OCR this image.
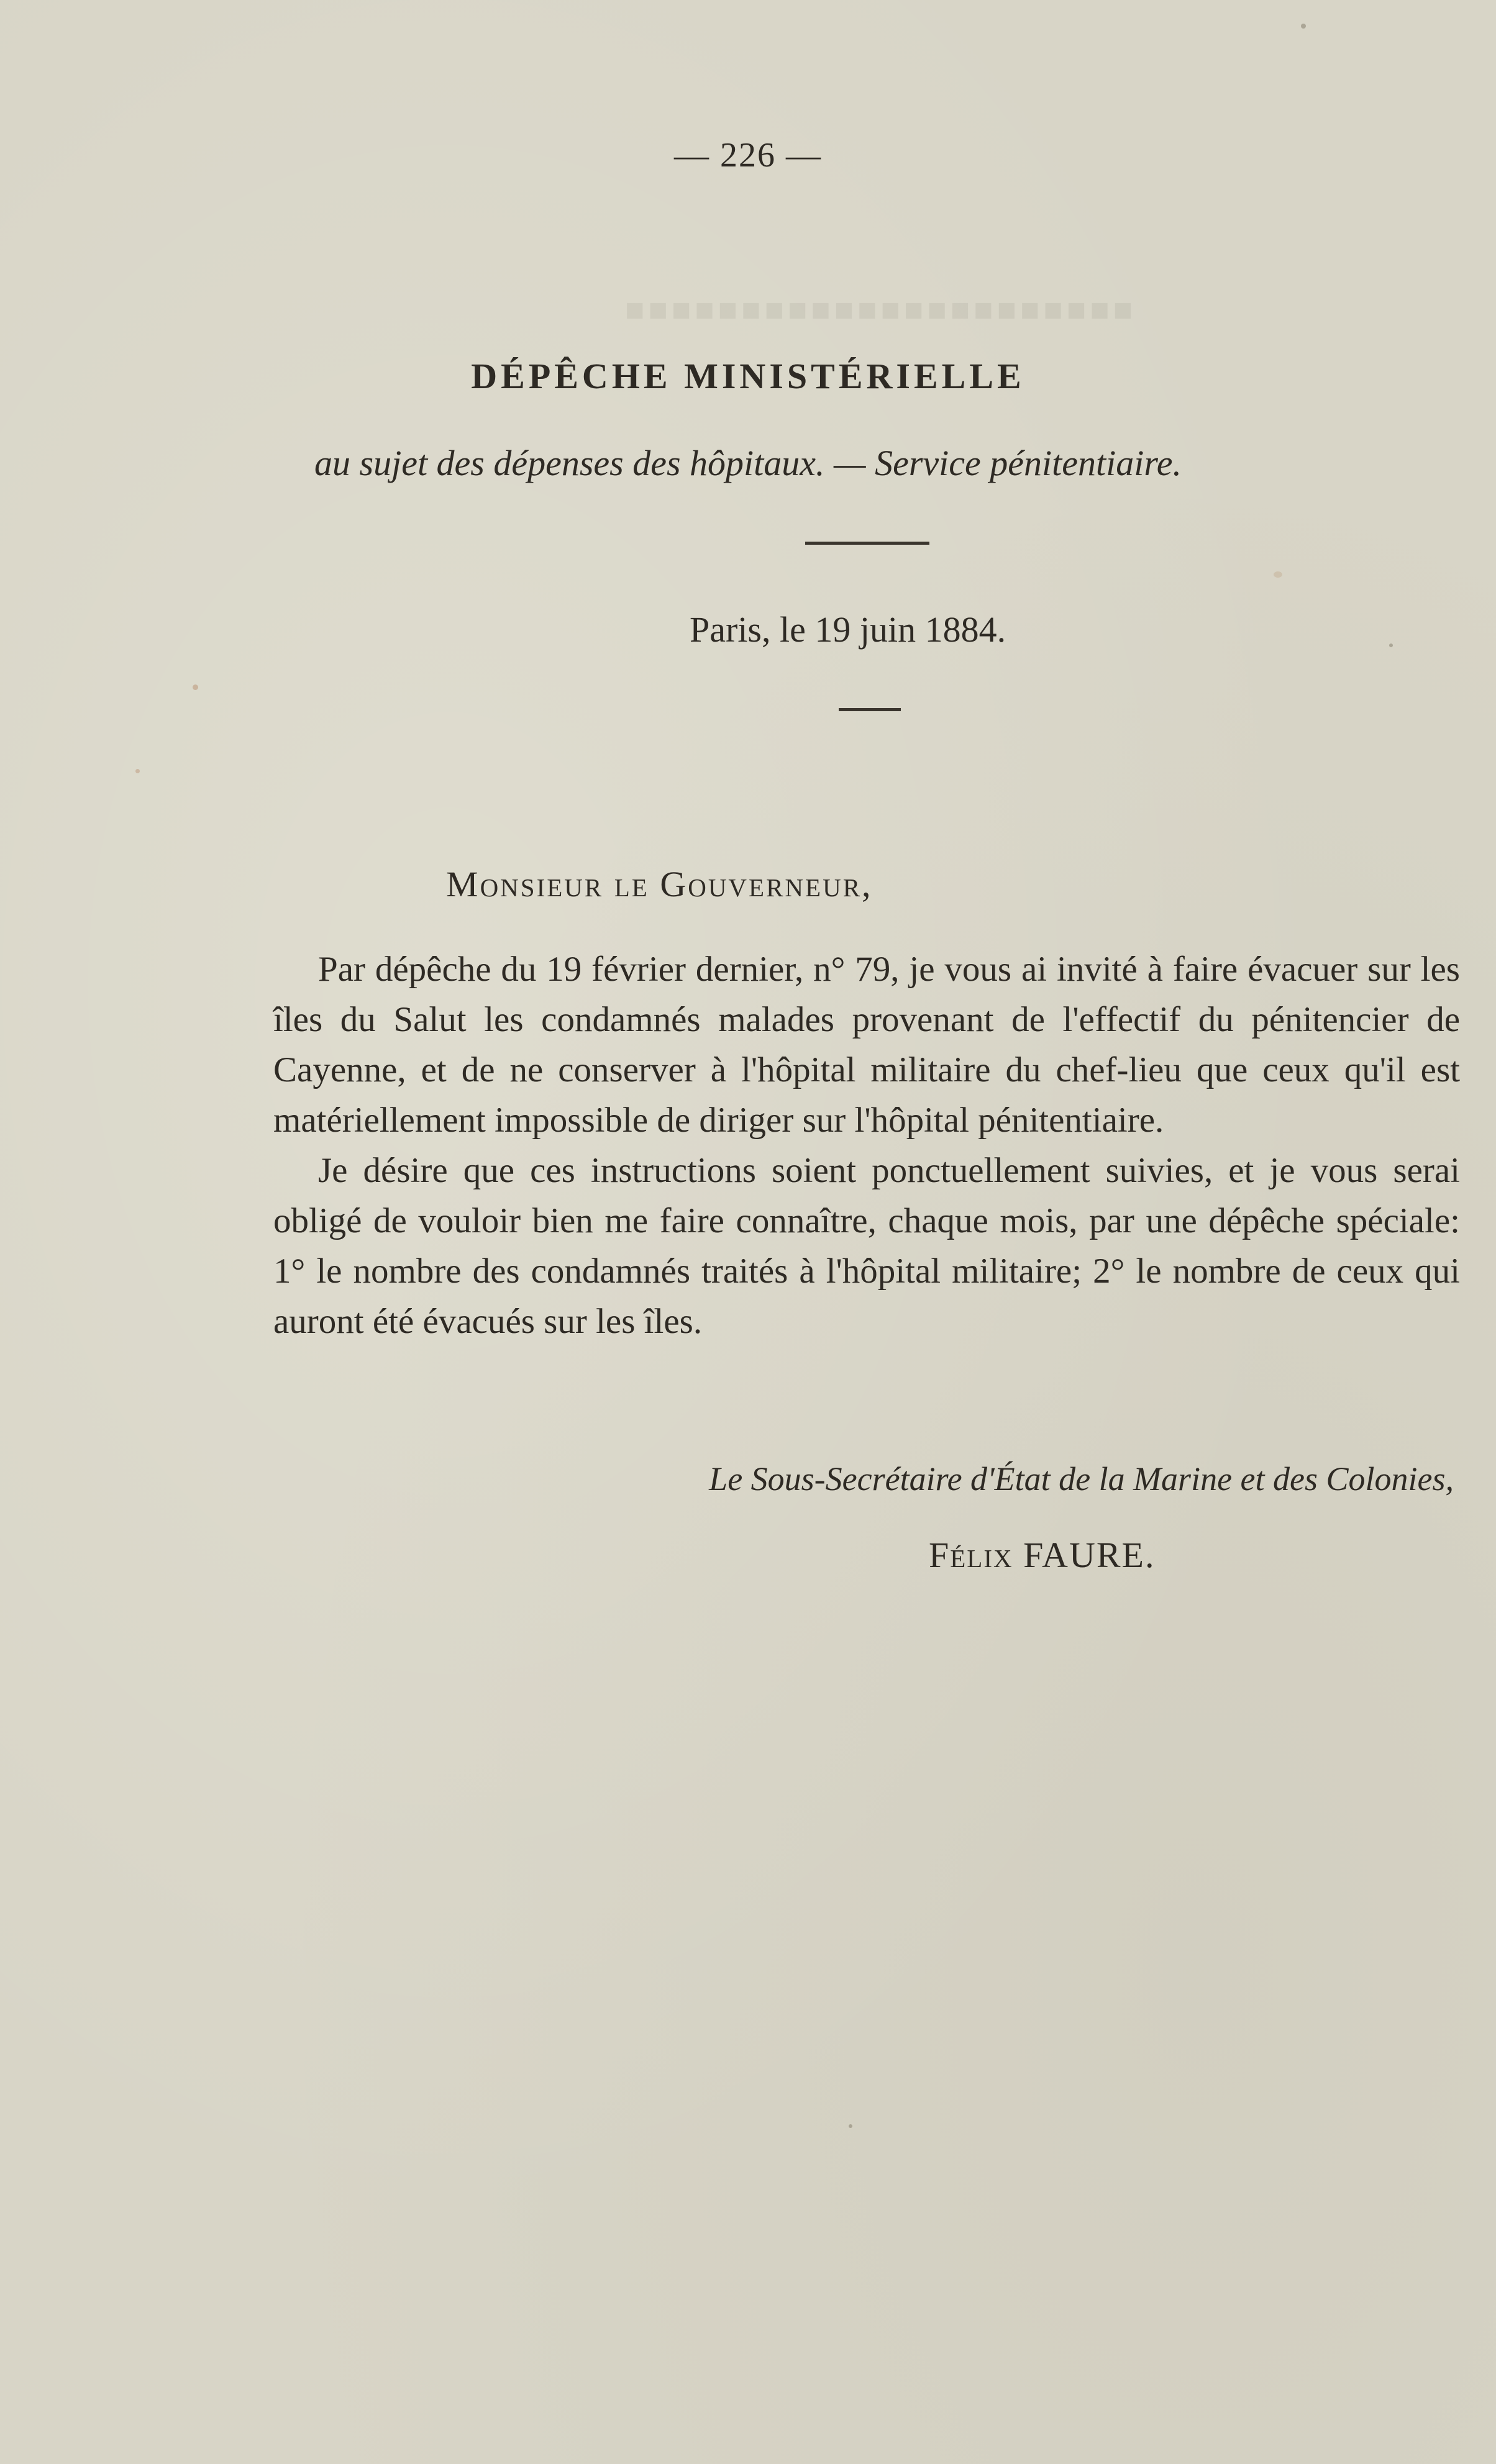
■■■■■■■■■■■■■■■■■■■■■■
— 226 —
DÉPÊCHE MINISTÉRIELLE
au sujet des dépenses des hôpitaux. — Service pénitentiaire.
Paris, le 19 juin 1884.
Monsieur le Gouverneur,

Par dépêche du 19 février dernier, n° 79, je vous ai invité à faire évacuer sur les îles du Salut les condamnés malades provenant de l'effectif du pénitencier de Cayenne, et de ne conserver à l'hôpital militaire du chef-lieu que ceux qu'il est matériellement impossible de diriger sur l'hôpital pénitentiaire.

Je désire que ces instructions soient ponctuellement suivies, et je vous serai obligé de vouloir bien me faire connaître, chaque mois, par une dépêche spéciale: 1° le nombre des condamnés traités à l'hôpital militaire; 2° le nombre de ceux qui auront été évacués sur les îles.

Le Sous-Secrétaire d'État de la Marine et des Colonies,
Félix FAURE.
